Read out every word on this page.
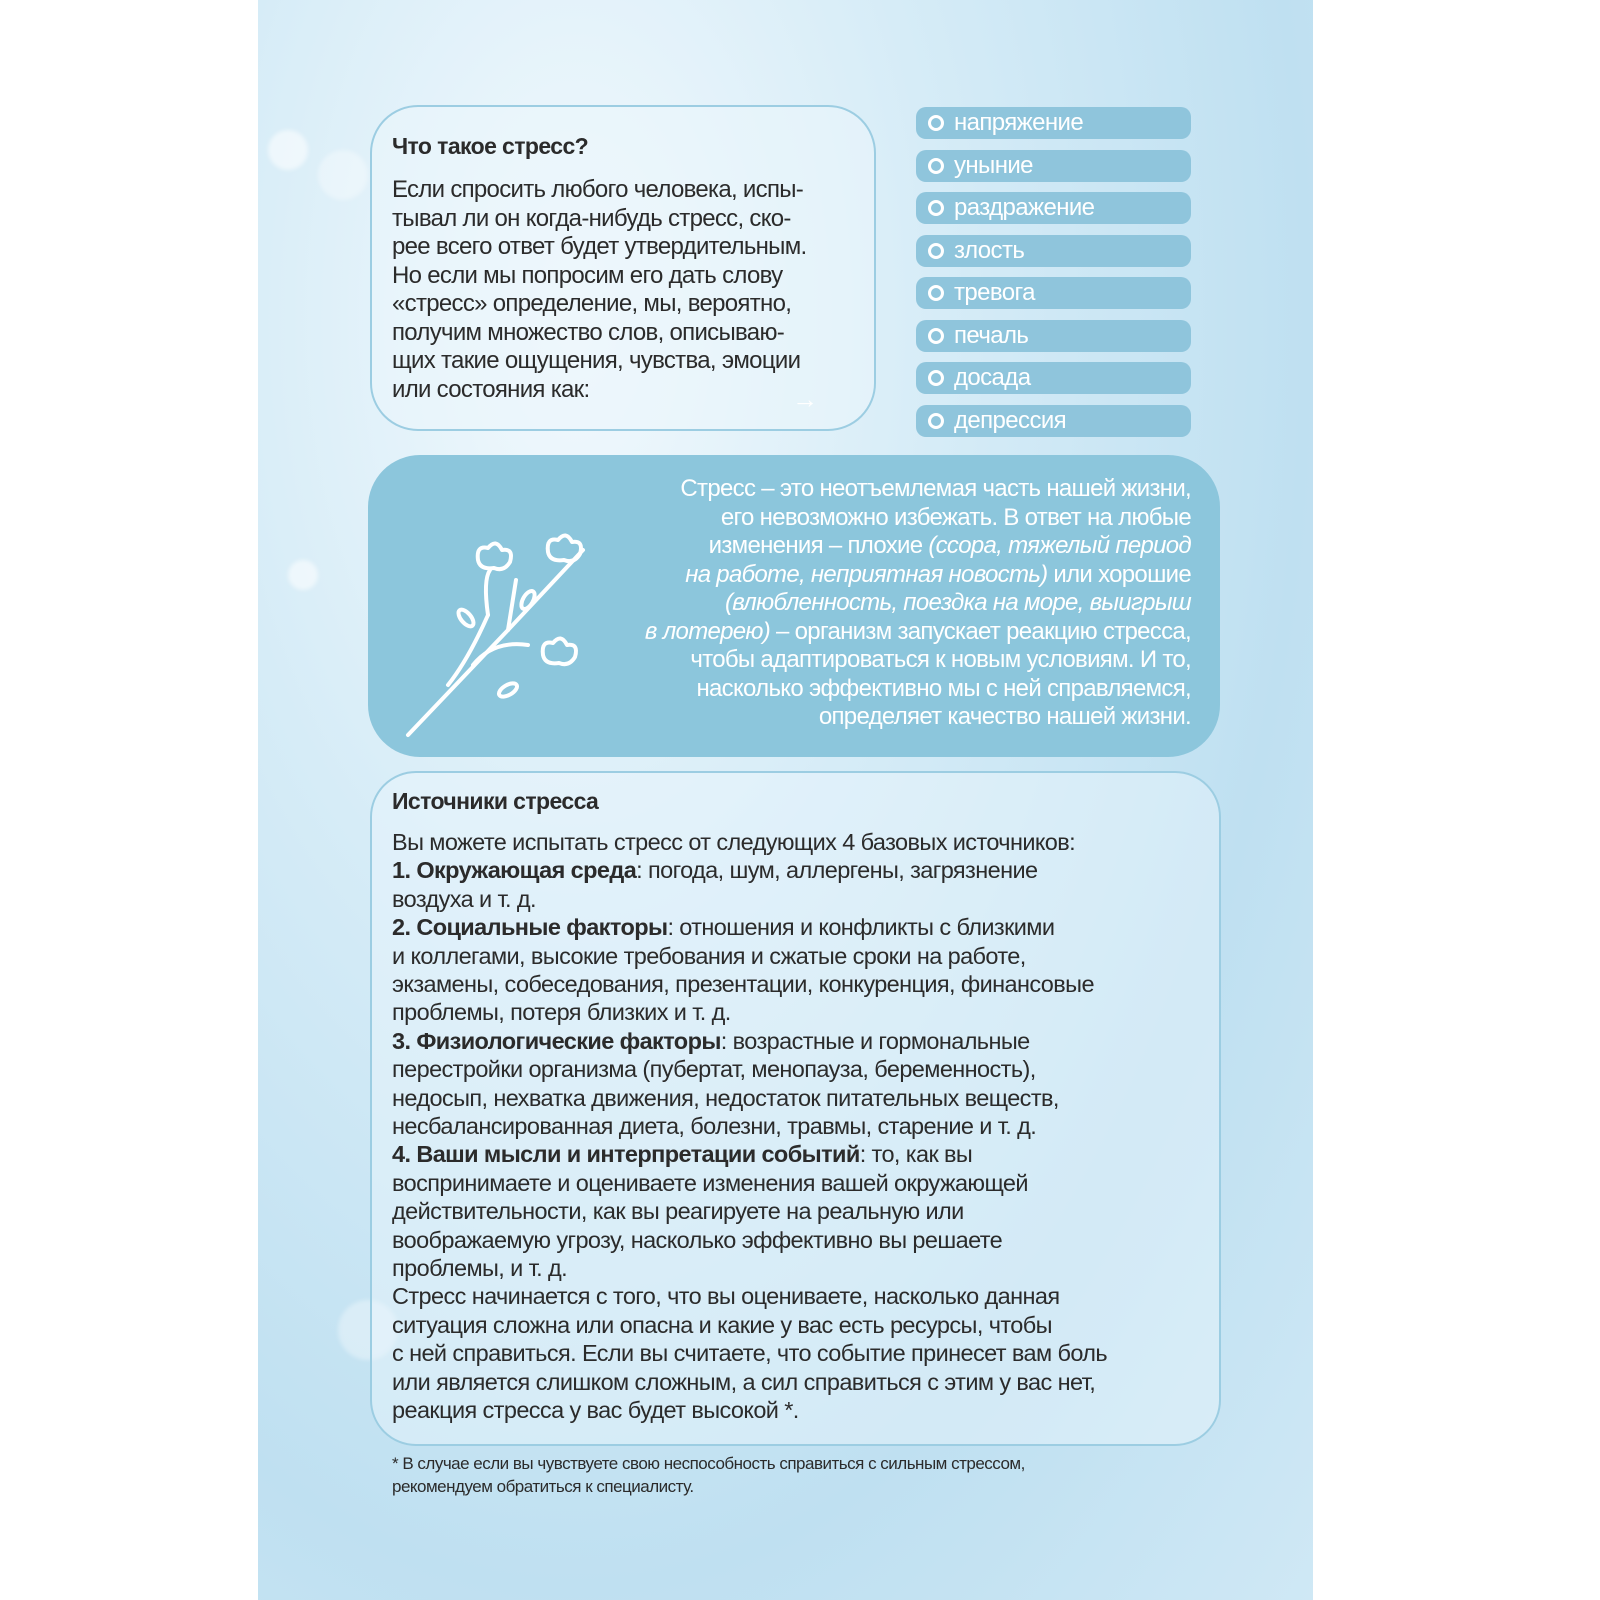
Что такое стресс?
→
Источники стресса
Если спросить любого человека, испы-
тывал ли он когда-нибудь стресс, ско-
рее всего ответ будет утвердительным.
Но если мы попросим его дать слову
«стресс» определение, мы, вероятно,
получим множество слов, описываю-
щих такие ощущения, чувства, эмоции
или состояния как:
напряжение
уныние
раздражение
злость
тревога
печаль
досада
депрессия
Стресс – это неотъемлемая часть нашей жизни,
его невозможно избежать. В ответ на любые
изменения – плохие (ссора, тяжелый период
на работе, неприятная новость) или хорошие
(влюбленность, поездка на море, выигрыш
в лотерею) – организм запускает реакцию стресса,
чтобы адаптироваться к новым условиям. И то,
насколько эффективно мы с ней справляемся,
определяет качество нашей жизни.
Вы можете испытать стресс от следующих 4 базовых источников:
1. Окружающая среда: погода, шум, аллергены, загрязнение
воздуха и т. д.
2. Социальные факторы: отношения и конфликты с близкими
и коллегами, высокие требования и сжатые сроки на работе,
экзамены, собеседования, презентации, конкуренция, финансовые
проблемы, потеря близких и т. д.
3. Физиологические факторы: возрастные и гормональные
перестройки организма (пубертат, менопауза, беременность),
недосып, нехватка движения, недостаток питательных веществ,
несбалансированная диета, болезни, травмы, старение и т. д.
4. Ваши мысли и интерпретации событий: то, как вы
воспринимаете и оцениваете изменения вашей окружающей
действительности, как вы реагируете на реальную или
воображаемую угрозу, насколько эффективно вы решаете
проблемы, и т. д.
Стресс начинается с того, что вы оцениваете, насколько данная
ситуация сложна или опасна и какие у вас есть ресурсы, чтобы
с ней справиться. Если вы считаете, что событие принесет вам боль
или является слишком сложным, а сил справиться с этим у вас нет,
реакция стресса у вас будет высокой *.
* В случае если вы чувствуете свою неспособность справиться с сильным стрессом,
рекомендуем обратиться к специалисту.
